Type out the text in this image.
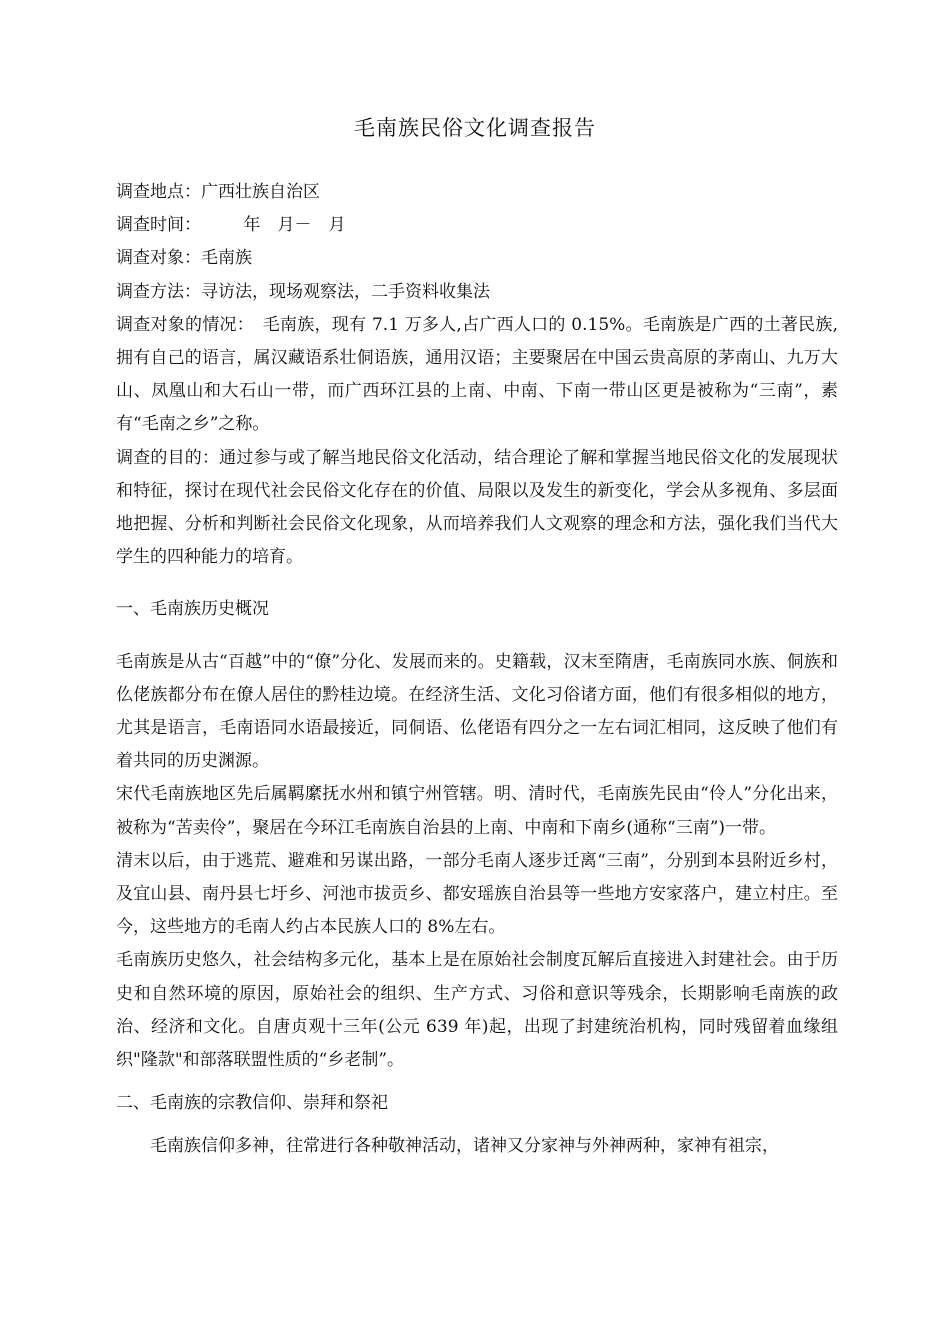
毛南族民俗文化调查报告

调查地点：广西壮族自治区

调查时间：　　　年　月－　月

调查对象：毛南族

调查方法：寻访法，现场观察法，二手资料收集法

调查对象的情况：　毛南族，现有 7.1 万多人,占广西人口的 0.15%。毛南族是广西的土著民族,拥有自己的语言，属汉藏语系壮侗语族，通用汉语；主要聚居在中国云贵高原的茅南山、九万大山、凤凰山和大石山一带，而广西环江县的上南、中南、下南一带山区更是被称为“三南”，素有“毛南之乡”之称。

调查的目的：通过参与或了解当地民俗文化活动，结合理论了解和掌握当地民俗文化的发展现状和特征，探讨在现代社会民俗文化存在的价值、局限以及发生的新变化，学会从多视角、多层面地把握、分析和判断社会民俗文化现象，从而培养我们人文观察的理念和方法，强化我们当代大学生的四种能力的培育。

一、毛南族历史概况

毛南族是从古“百越”中的“僚”分化、发展而来的。史籍载，汉末至隋唐，毛南族同水族、侗族和仫佬族都分布在僚人居住的黔桂边境。在经济生活、文化习俗诸方面，他们有很多相似的地方，尤其是语言，毛南语同水语最接近，同侗语、仫佬语有四分之一左右词汇相同，这反映了他们有着共同的历史渊源。

宋代毛南族地区先后属羁縻抚水州和镇宁州管辖。明、清时代，毛南族先民由“伶人”分化出来，被称为“苦卖伶”，聚居在今环江毛南族自治县的上南、中南和下南乡(通称“三南”)一带。

清末以后，由于逃荒、避难和另谋出路，一部分毛南人逐步迁离“三南”，分别到本县附近乡村，及宜山县、南丹县七圩乡、河池市拔贡乡、都安瑶族自治县等一些地方安家落户，建立村庄。至今，这些地方的毛南人约占本民族人口的 8%左右。

毛南族历史悠久，社会结构多元化，基本上是在原始社会制度瓦解后直接进入封建社会。由于历史和自然环境的原因，原始社会的组织、生产方式、习俗和意识等残余，长期影响毛南族的政治、经济和文化。自唐贞观十三年(公元 639 年)起，出现了封建统治机构，同时残留着血缘组织"隆款"和部落联盟性质的“乡老制”。

二、毛南族的宗教信仰、崇拜和祭祀

毛南族信仰多神，往常进行各种敬神活动，诸神又分家神与外神两种，家神有祖宗，
